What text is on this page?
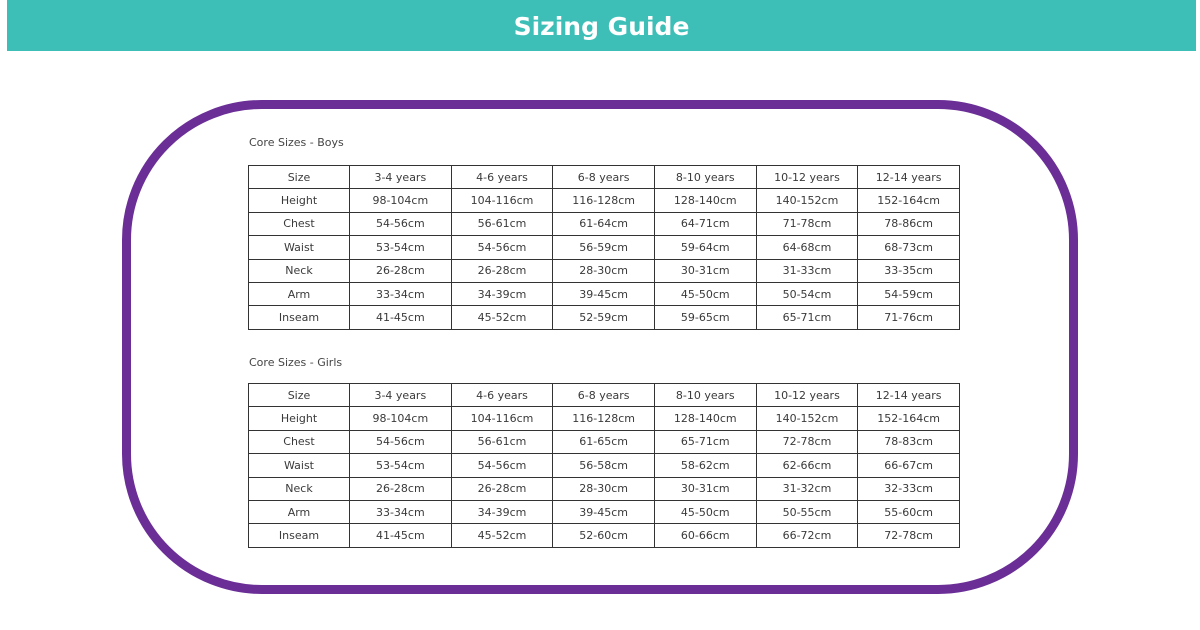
Sizing Guide
Core Sizes - Boys
Size	3-4 years	4-6 years	6-8 years	8-10 years	10-12 years	12-14 years
Height	98-104cm	104-116cm	116-128cm	128-140cm	140-152cm	152-164cm
Chest	54-56cm	56-61cm	61-64cm	64-71cm	71-78cm	78-86cm
Waist	53-54cm	54-56cm	56-59cm	59-64cm	64-68cm	68-73cm
Neck	26-28cm	26-28cm	28-30cm	30-31cm	31-33cm	33-35cm
Arm	33-34cm	34-39cm	39-45cm	45-50cm	50-54cm	54-59cm
Inseam	41-45cm	45-52cm	52-59cm	59-65cm	65-71cm	71-76cm
Core Sizes - Girls
Size	3-4 years	4-6 years	6-8 years	8-10 years	10-12 years	12-14 years
Height	98-104cm	104-116cm	116-128cm	128-140cm	140-152cm	152-164cm
Chest	54-56cm	56-61cm	61-65cm	65-71cm	72-78cm	78-83cm
Waist	53-54cm	54-56cm	56-58cm	58-62cm	62-66cm	66-67cm
Neck	26-28cm	26-28cm	28-30cm	30-31cm	31-32cm	32-33cm
Arm	33-34cm	34-39cm	39-45cm	45-50cm	50-55cm	55-60cm
Inseam	41-45cm	45-52cm	52-60cm	60-66cm	66-72cm	72-78cm
